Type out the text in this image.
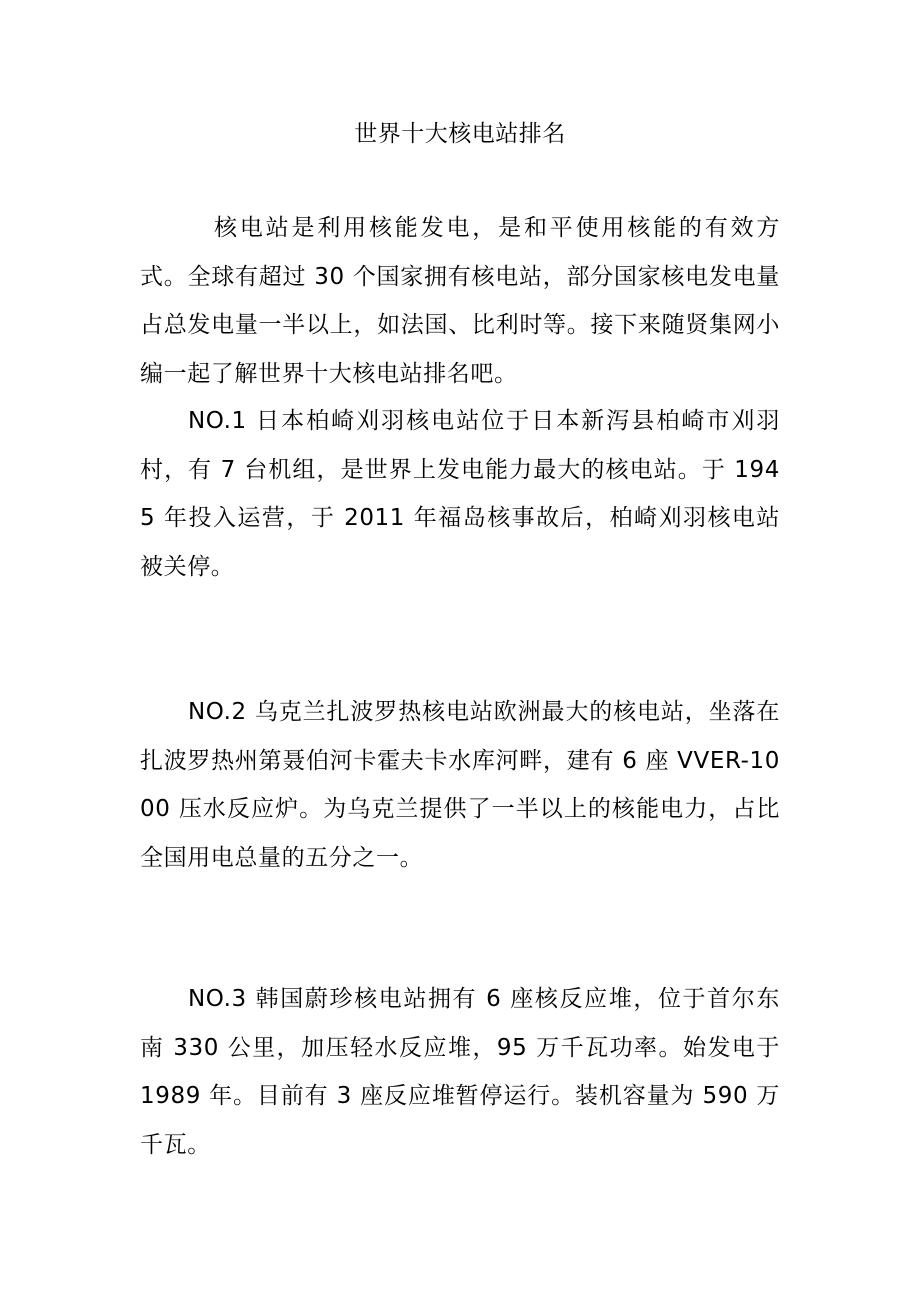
世界十大核电站排名
核电站是利用核能发电，是和平使用核能的有效方式。全球有超过 30 个国家拥有核电站，部分国家核电发电量占总发电量一半以上，如法国、比利时等。接下来随贤集网小编一起了解世界十大核电站排名吧。
NO.1 日本柏崎刈羽核电站位于日本新泻县柏崎市刈羽村，有 7 台机组，是世界上发电能力最大的核电站。于 1945 年投入运营，于 2011 年福岛核事故后，柏崎刈羽核电站被关停。
NO.2 乌克兰扎波罗热核电站欧洲最大的核电站，坐落在扎波罗热州第聂伯河卡霍夫卡水库河畔，建有 6 座 VVER-1000 压水反应炉。为乌克兰提供了一半以上的核能电力，占比全国用电总量的五分之一。
NO.3 韩国蔚珍核电站拥有 6 座核反应堆，位于首尔东南 330 公里，加压轻水反应堆，95 万千瓦功率。始发电于 1989 年。目前有 3 座反应堆暂停运行。装机容量为 590 万千瓦。
